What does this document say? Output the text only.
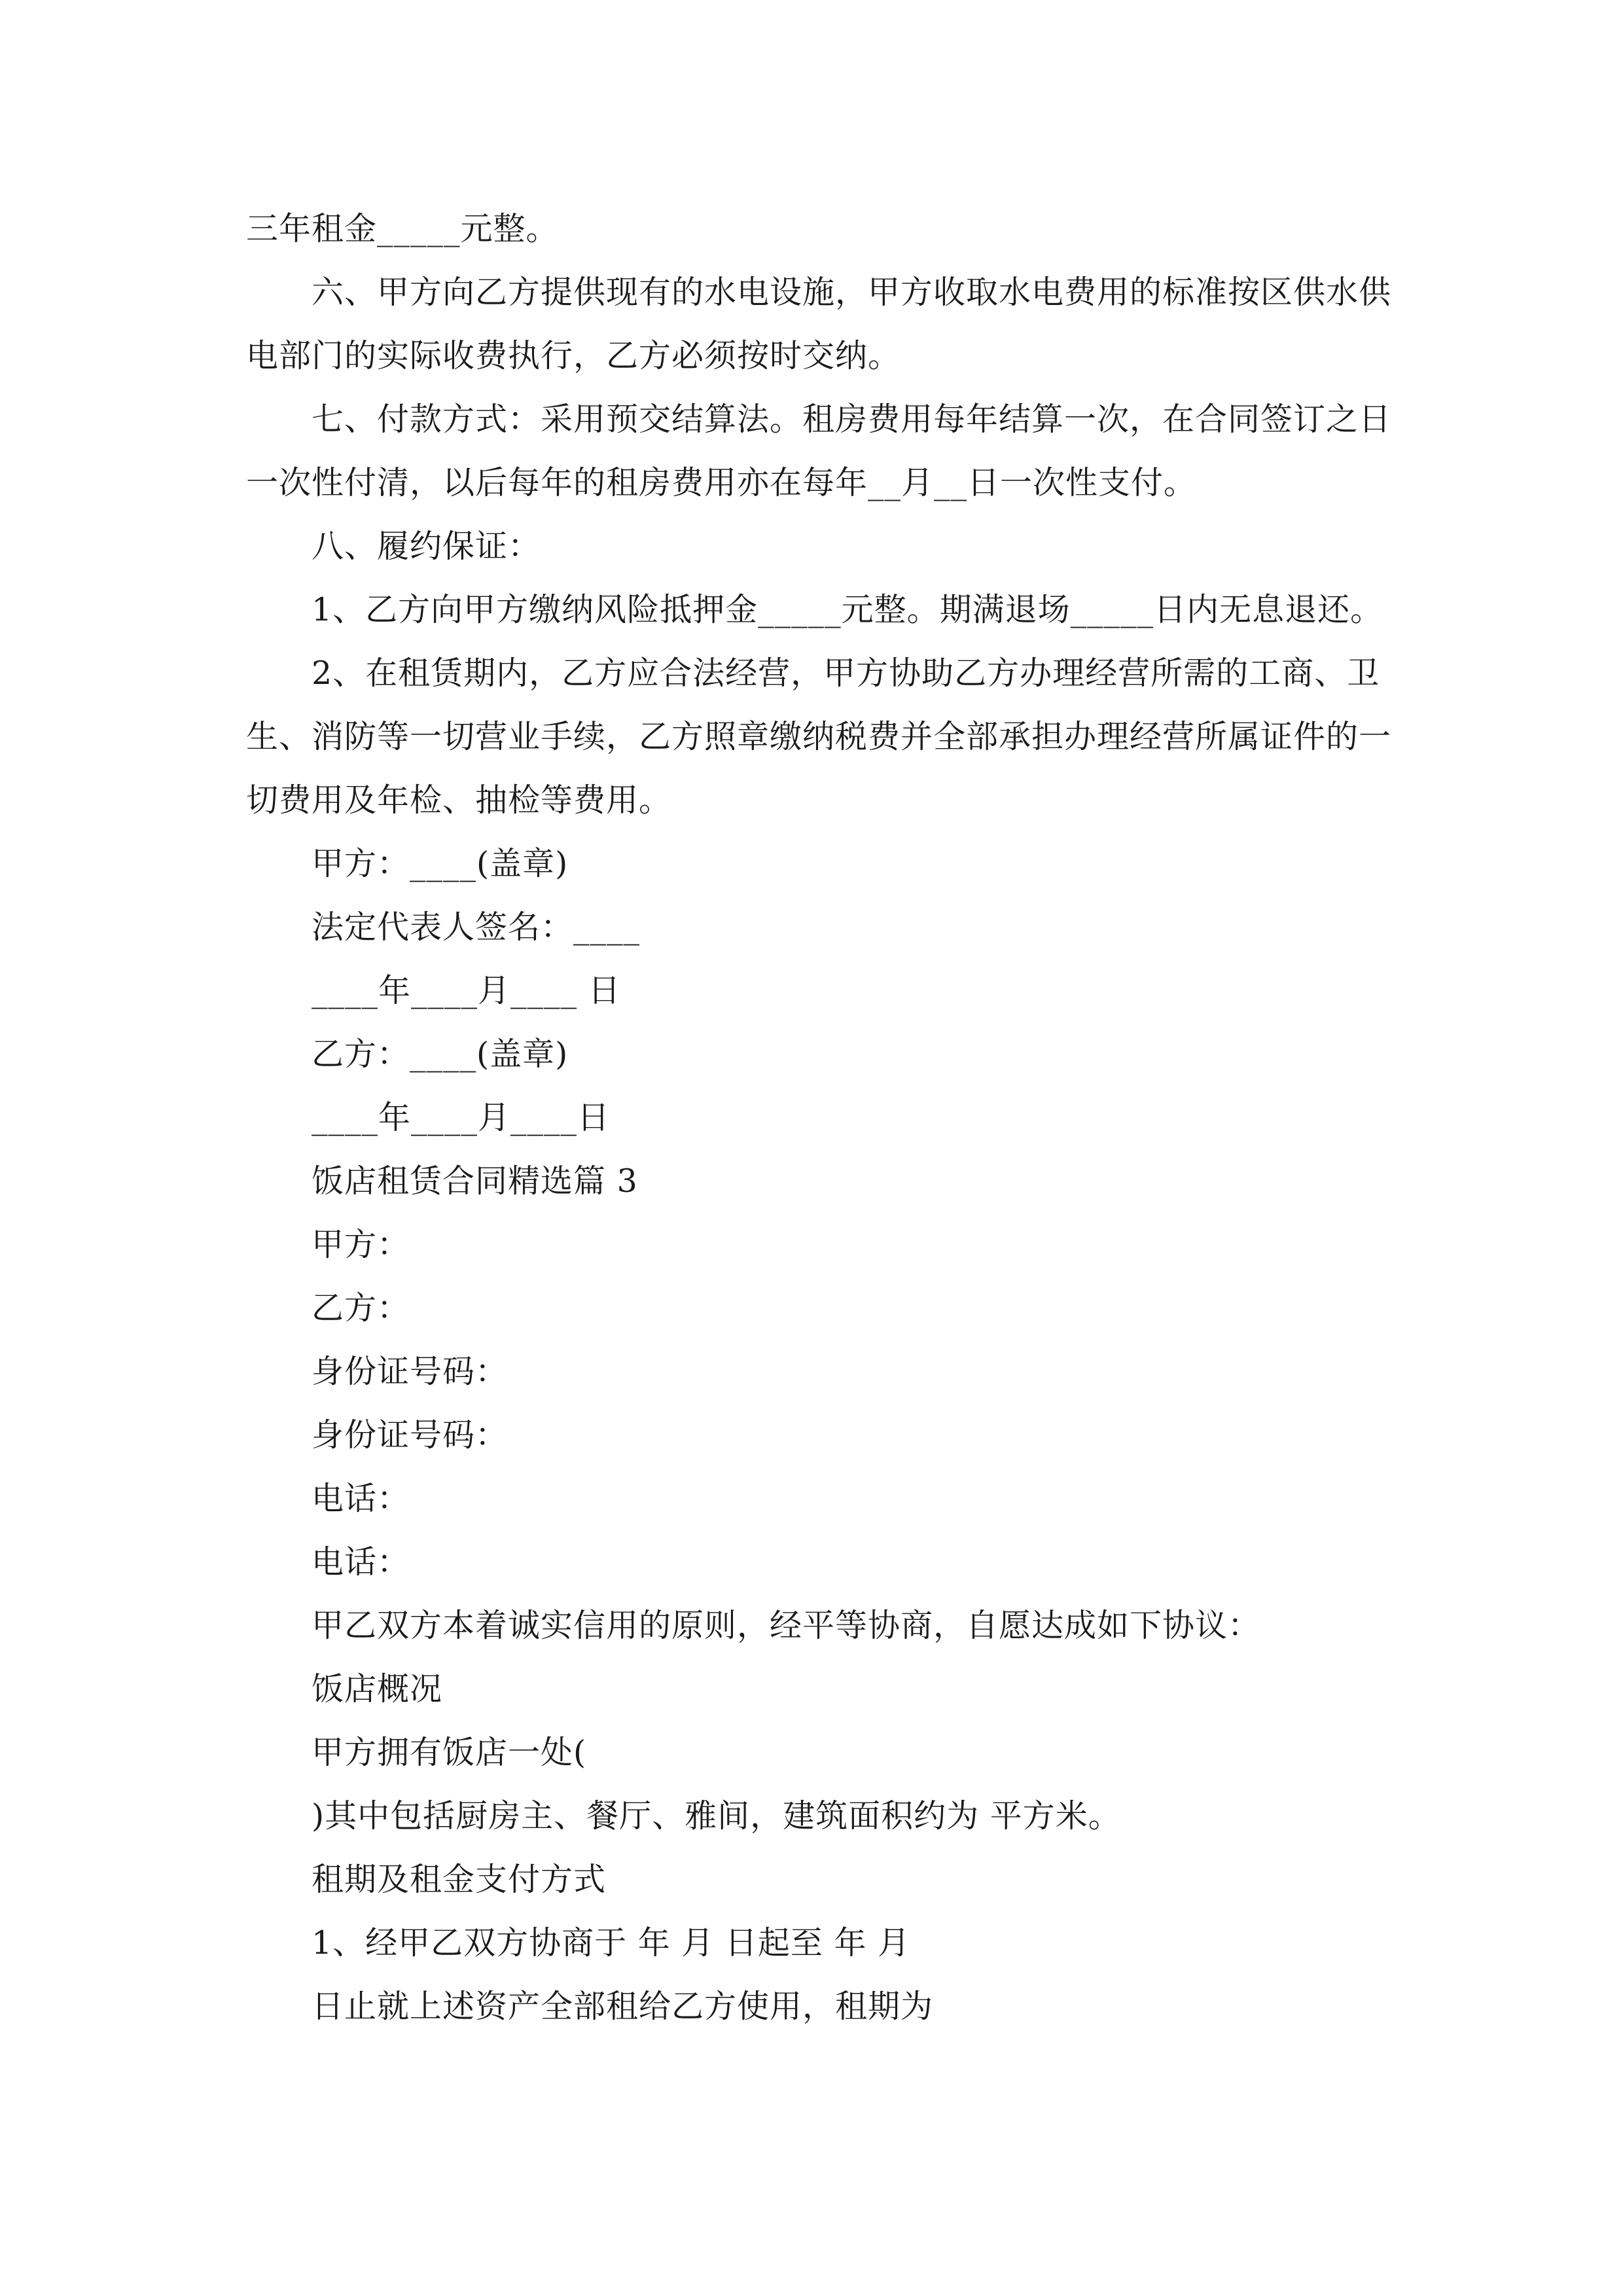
三年租金_____元整。
六、甲方向乙方提供现有的水电设施，甲方收取水电费用的标准按区供水供
电部门的实际收费执行，乙方必须按时交纳。
七、付款方式：采用预交结算法。租房费用每年结算一次，在合同签订之日
一次性付清，以后每年的租房费用亦在每年__月__日一次性支付。
八、履约保证：
1、乙方向甲方缴纳风险抵押金_____元整。期满退场_____日内无息退还。
2、在租赁期内，乙方应合法经营，甲方协助乙方办理经营所需的工商、卫
生、消防等一切营业手续，乙方照章缴纳税费并全部承担办理经营所属证件的一
切费用及年检、抽检等费用。
甲方：____(盖章)
法定代表人签名：____
____年____月____ 日
乙方：____(盖章)
____年____月____日
饭店租赁合同精选篇 3
甲方：
乙方：
身份证号码：
身份证号码：
电话：
电话：
甲乙双方本着诚实信用的原则，经平等协商，自愿达成如下协议：
饭店概况
甲方拥有饭店一处(
)其中包括厨房主、餐厅、雅间，建筑面积约为 平方米。
租期及租金支付方式
1、经甲乙双方协商于 年 月 日起至 年 月
日止就上述资产全部租给乙方使用，租期为
